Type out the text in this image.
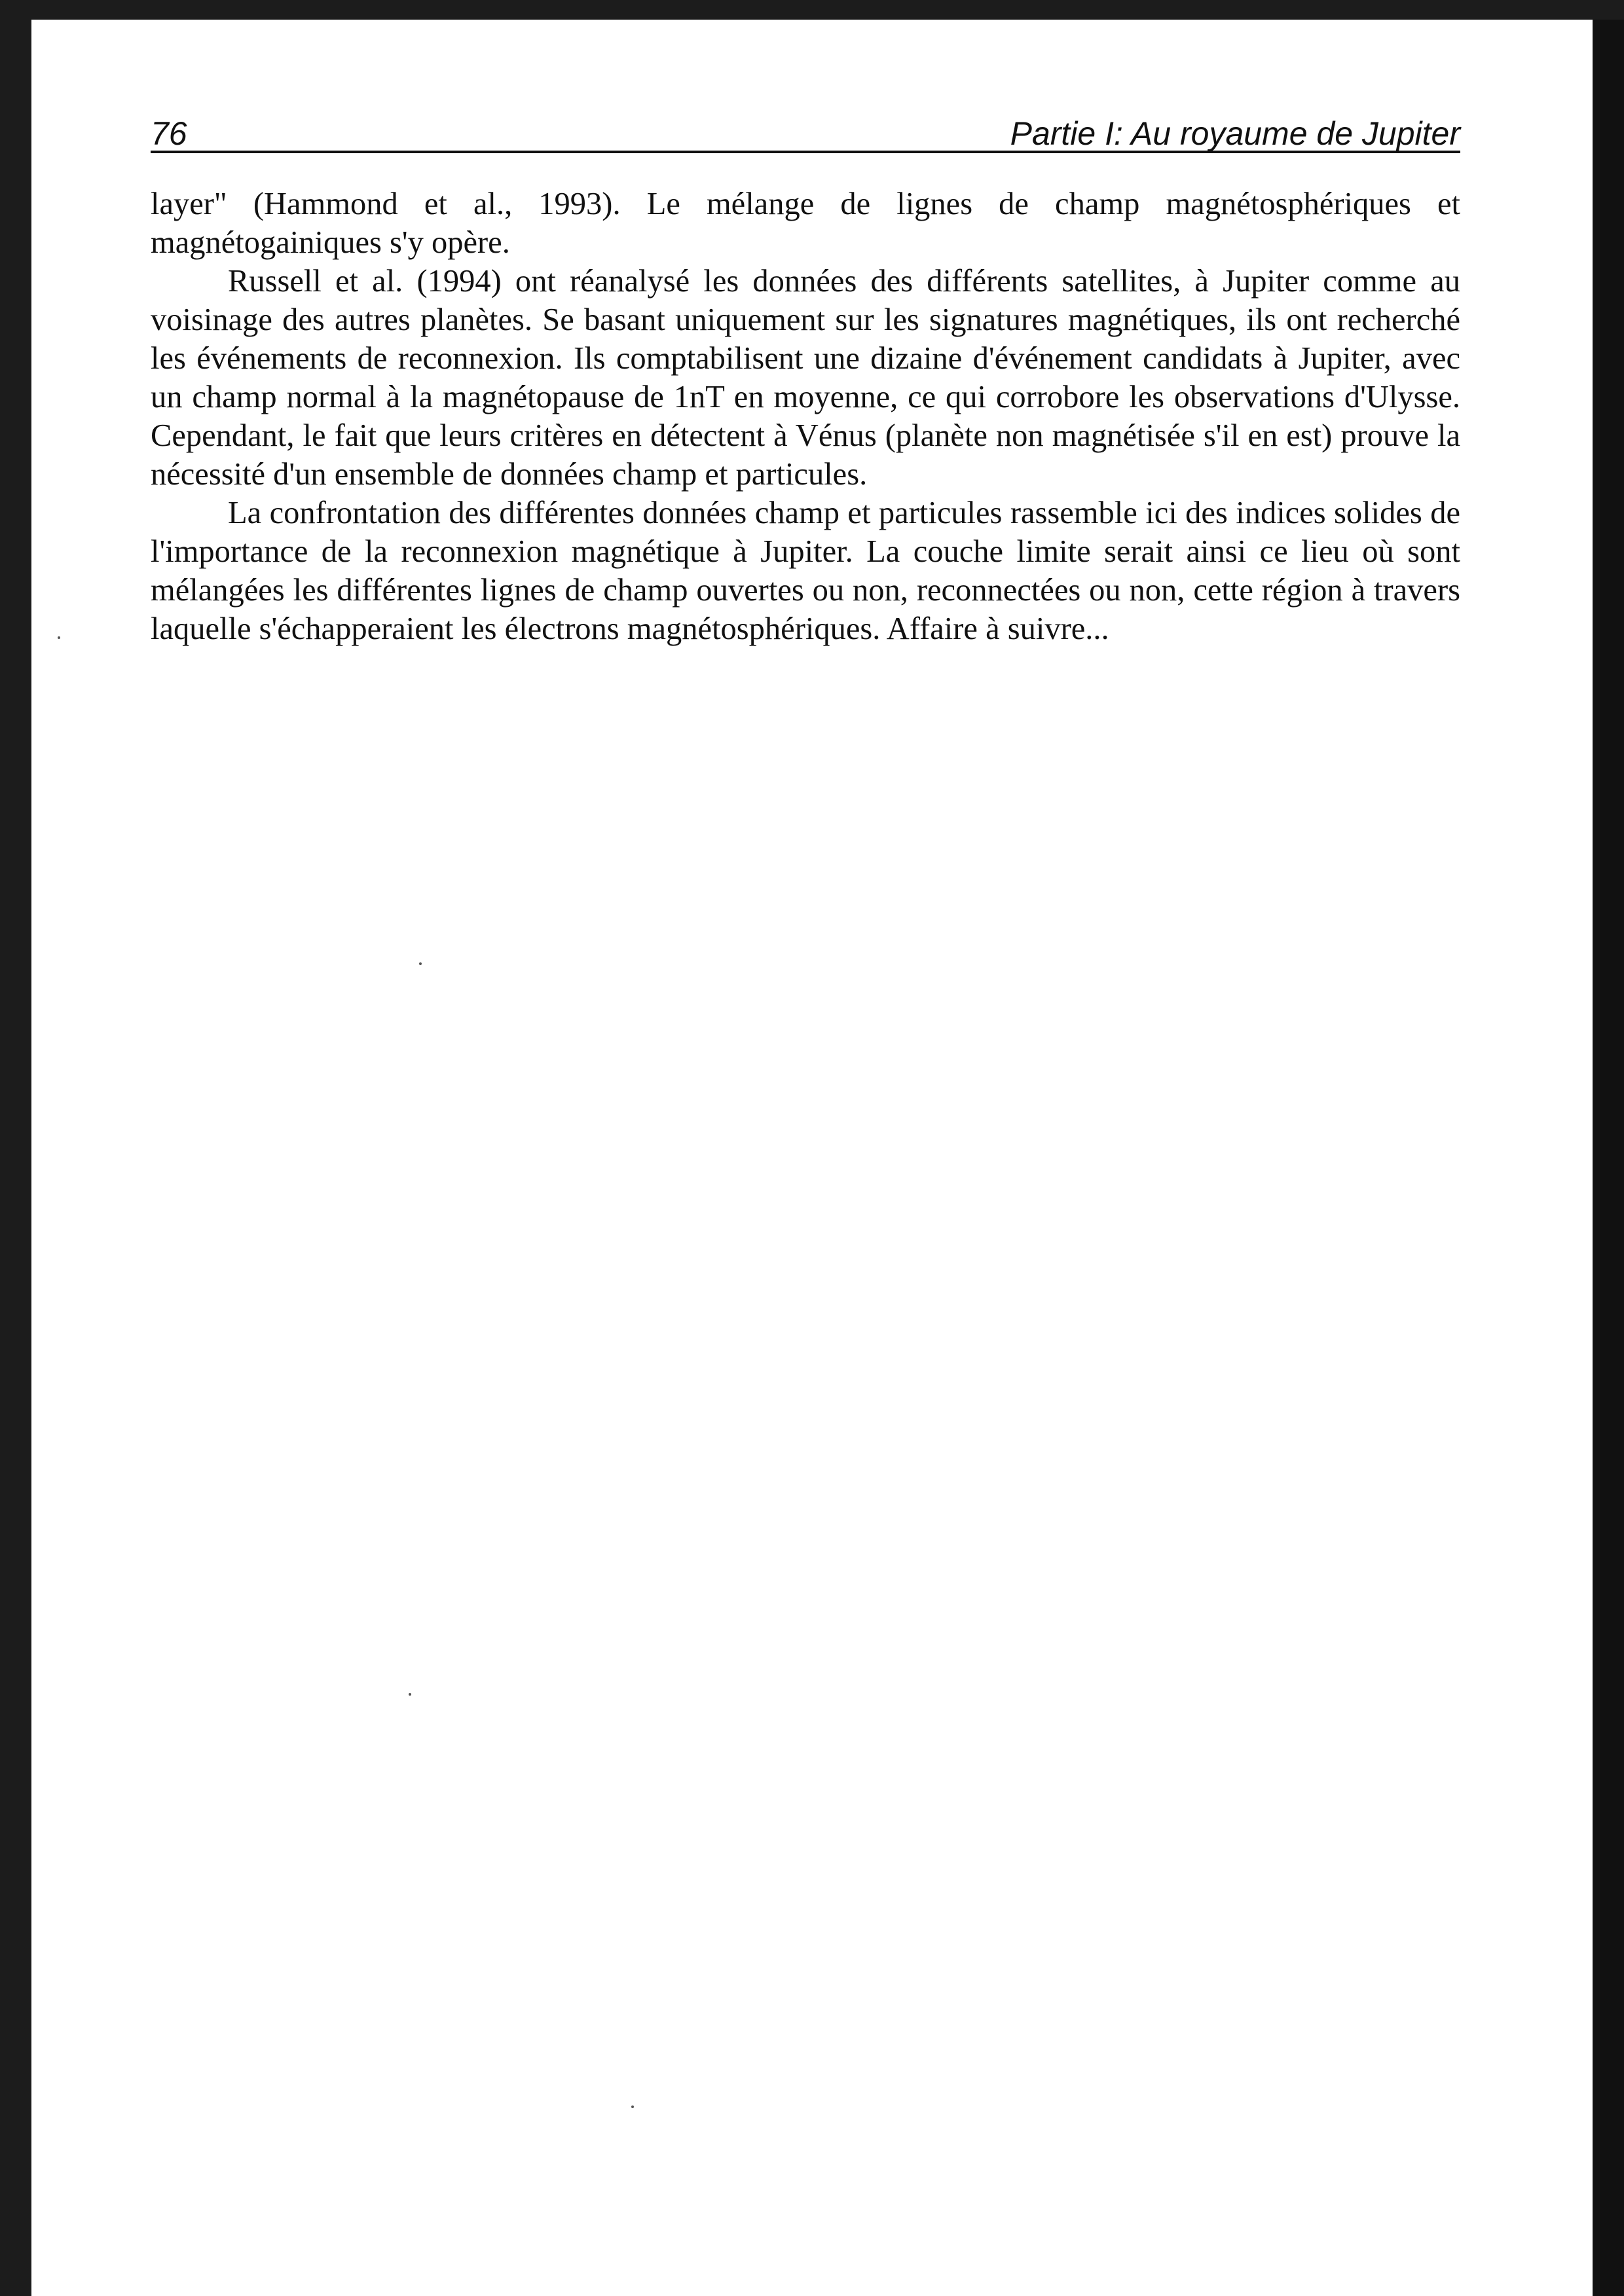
76	Partie I: Au royaume de Jupiter

layer" (Hammond et al., 1993). Le mélange de lignes de champ magnétosphériques et magnétogainiques s'y opère.

Russell et al. (1994) ont réanalysé les données des différents satellites, à Jupiter comme au voisinage des autres planètes. Se basant uniquement sur les signatures magnétiques, ils ont recherché les événements de reconnexion. Ils comptabilisent une dizaine d'événement candidats à Jupiter, avec un champ normal à la magnétopause de 1nT en moyenne, ce qui corrobore les observations d'Ulysse. Cependant, le fait que leurs critères en détectent à Vénus (planète non magnétisée s'il en est) prouve la nécessité d'un ensemble de données champ et particules.

La confrontation des différentes données champ et particules rassemble ici des indices solides de l'importance de la reconnexion magnétique à Jupiter. La couche limite serait ainsi ce lieu où sont mélangées les différentes lignes de champ ouvertes ou non, reconnectées ou non, cette région à travers laquelle s'échapperaient les électrons magnétosphériques. Affaire à suivre...
